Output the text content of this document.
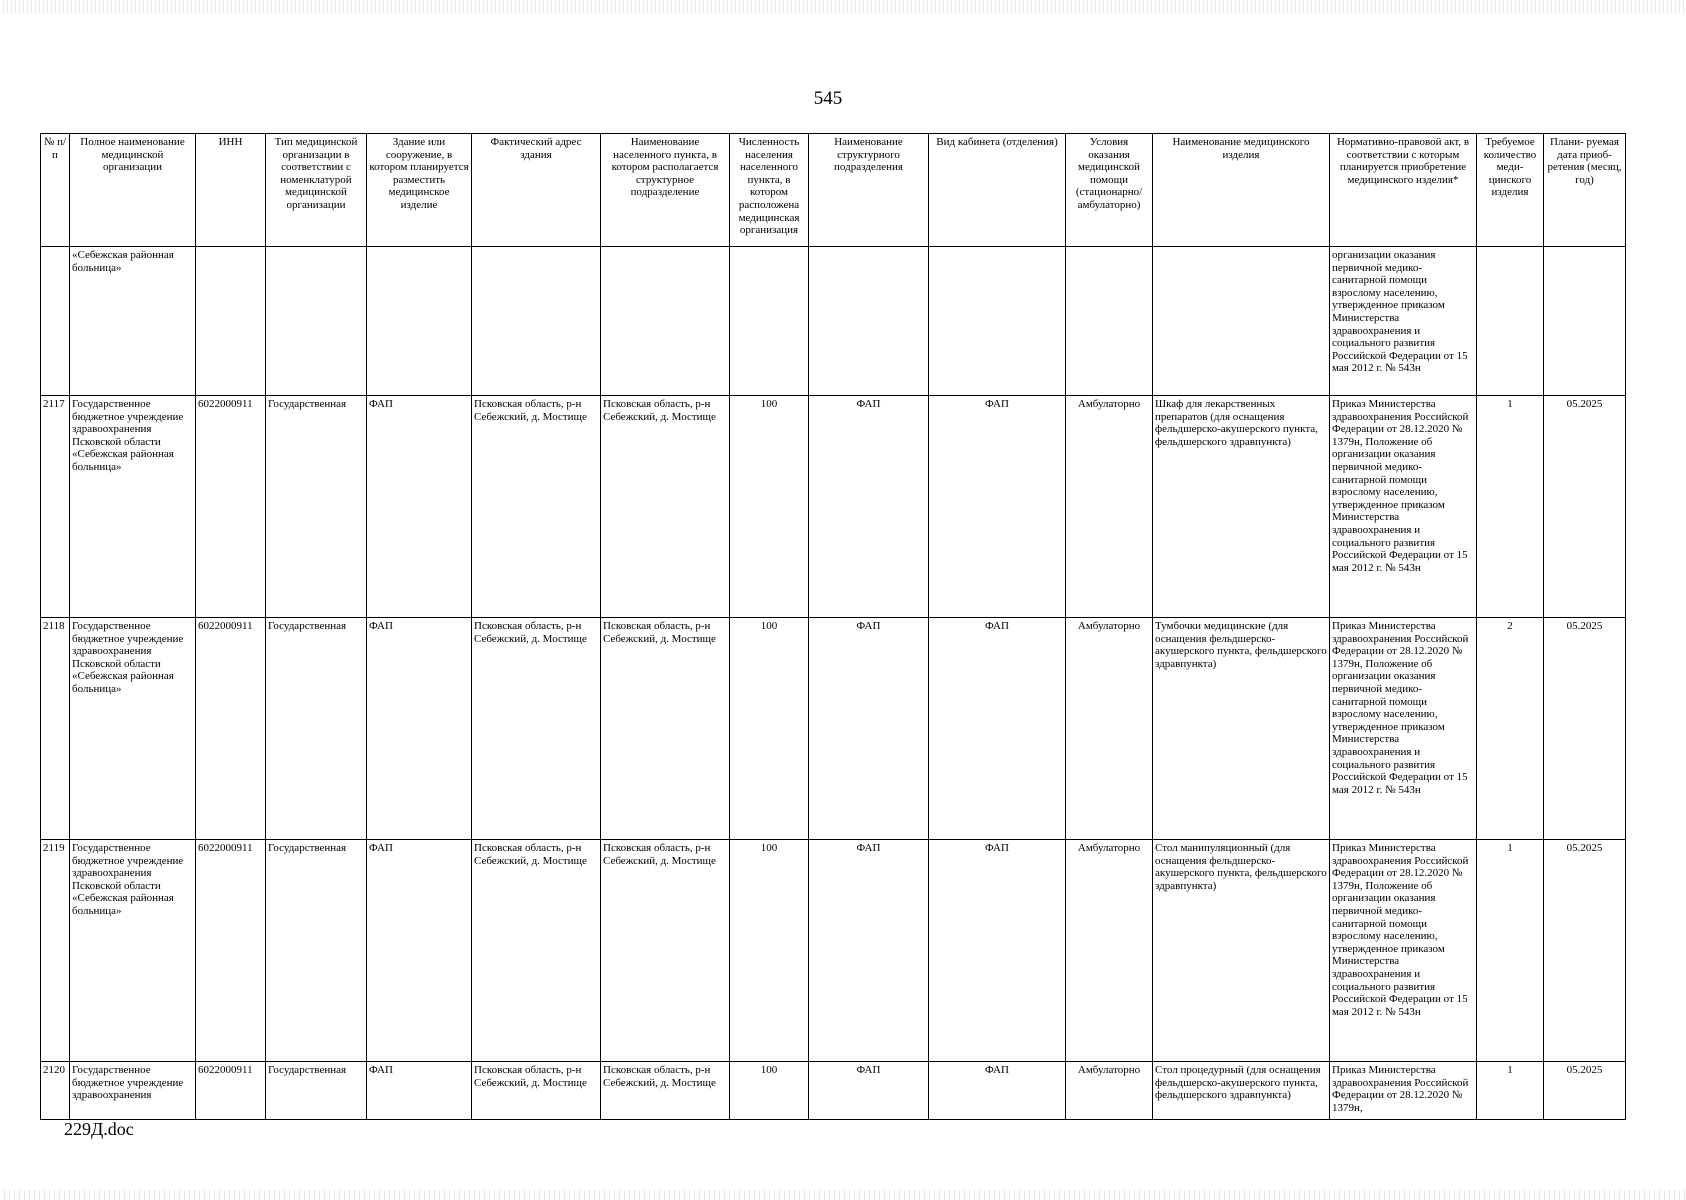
545
№ п/п	Полное наименование медицинской организации	ИНН	Тип медицинской организации в соответствии с номенклатурой медицинской организации	Здание или сооружение, в котором планируется разместить медицинское изделие	Фактический адрес здания	Наименование населенного пункта, в котором располагается структурное подразделение	Численность населения населенного пункта, в котором расположена медицинская организация	Наименование структурного подразделения	Вид кабинета (отделения)	Условия оказания медицинской помощи (стационарно/ амбулаторно)	Наименование медицинского изделия	Нормативно-правовой акт, в соответствии с которым планируется приобретение медицинского изделия*	Требуемое количество меди- цинского изделия	Плани- руемая дата приоб- ретения (месяц, год)
	«Себежская районная больница»											организации оказания первичной медико-санитарной помощи взрослому населению, утвержденное приказом Министерства здравоохранения и социального развития Российской Федерации от 15 мая 2012 г. № 543н		
2117	Государственное бюджетное учреждение здравоохранения Псковской области «Себежская районная больница»	6022000911	Государственная	ФАП	Псковская область, р-н Себежский, д. Мостище	Псковская область, р-н Себежский, д. Мостище	100	ФАП	ФАП	Амбулаторно	Шкаф для лекарственных препаратов (для оснащения фельдшерско-акушерского пункта, фельдшерского здравпункта)	Приказ Министерства здравоохранения Российской Федерации от 28.12.2020 № 1379н, Положение об организации оказания первичной медико-санитарной помощи взрослому населению, утвержденное приказом Министерства здравоохранения и социального развития Российской Федерации от 15 мая 2012 г. № 543н	1	05.2025
2118	Государственное бюджетное учреждение здравоохранения Псковской области «Себежская районная больница»	6022000911	Государственная	ФАП	Псковская область, р-н Себежский, д. Мостище	Псковская область, р-н Себежский, д. Мостище	100	ФАП	ФАП	Амбулаторно	Тумбочки медицинские (для оснащения фельдшерско-акушерского пункта, фельдшерского здравпункта)	Приказ Министерства здравоохранения Российской Федерации от 28.12.2020 № 1379н, Положение об организации оказания первичной медико-санитарной помощи взрослому населению, утвержденное приказом Министерства здравоохранения и социального развития Российской Федерации от 15 мая 2012 г. № 543н	2	05.2025
2119	Государственное бюджетное учреждение здравоохранения Псковской области «Себежская районная больница»	6022000911	Государственная	ФАП	Псковская область, р-н Себежский, д. Мостище	Псковская область, р-н Себежский, д. Мостище	100	ФАП	ФАП	Амбулаторно	Стол манипуляционный (для оснащения фельдшерско-акушерского пункта, фельдшерского здравпункта)	Приказ Министерства здравоохранения Российской Федерации от 28.12.2020 № 1379н, Положение об организации оказания первичной медико-санитарной помощи взрослому населению, утвержденное приказом Министерства здравоохранения и социального развития Российской Федерации от 15 мая 2012 г. № 543н	1	05.2025
2120	Государственное бюджетное учреждение здравоохранения	6022000911	Государственная	ФАП	Псковская область, р-н Себежский, д. Мостище	Псковская область, р-н Себежский, д. Мостище	100	ФАП	ФАП	Амбулаторно	Стол процедурный (для оснащения фельдшерско-акушерского пункта, фельдшерского здравпункта)	Приказ Министерства здравоохранения Российской Федерации от 28.12.2020 № 1379н,	1	05.2025
229Д.doc
